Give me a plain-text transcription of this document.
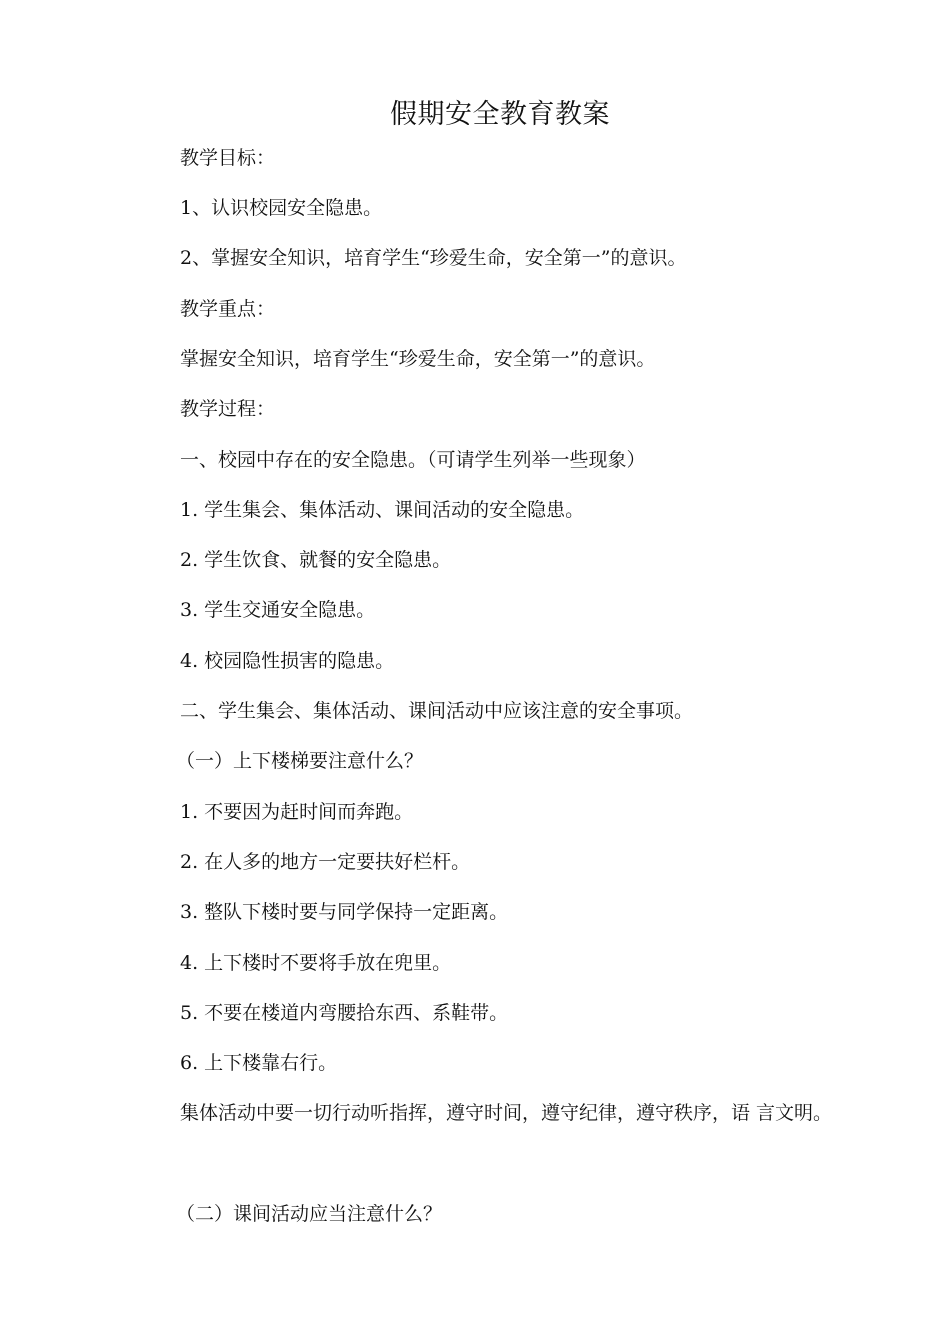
假期安全教育教案
教学目标：
1、认识校园安全隐患。
2、掌握安全知识，培育学生“珍爱生命，安全第一”的意识。
教学重点：
掌握安全知识，培育学生“珍爱生命，安全第一”的意识。
教学过程：
一、校园中存在的安全隐患。（可请学生列举一些现象）
1. 学生集会、集体活动、课间活动的安全隐患。
2. 学生饮食、就餐的安全隐患。
3. 学生交通安全隐患。
4. 校园隐性损害的隐患。
二、学生集会、集体活动、课间活动中应该注意的安全事项。
（一）上下楼梯要注意什么？
1. 不要因为赶时间而奔跑。
2. 在人多的地方一定要扶好栏杆。
3. 整队下楼时要与同学保持一定距离。
4. 上下楼时不要将手放在兜里。
5. 不要在楼道内弯腰拾东西、系鞋带。
6. 上下楼靠右行。
集体活动中要一切行动听指挥，遵守时间，遵守纪律，遵守秩序，语 言文明。
（二）课间活动应当注意什么？
